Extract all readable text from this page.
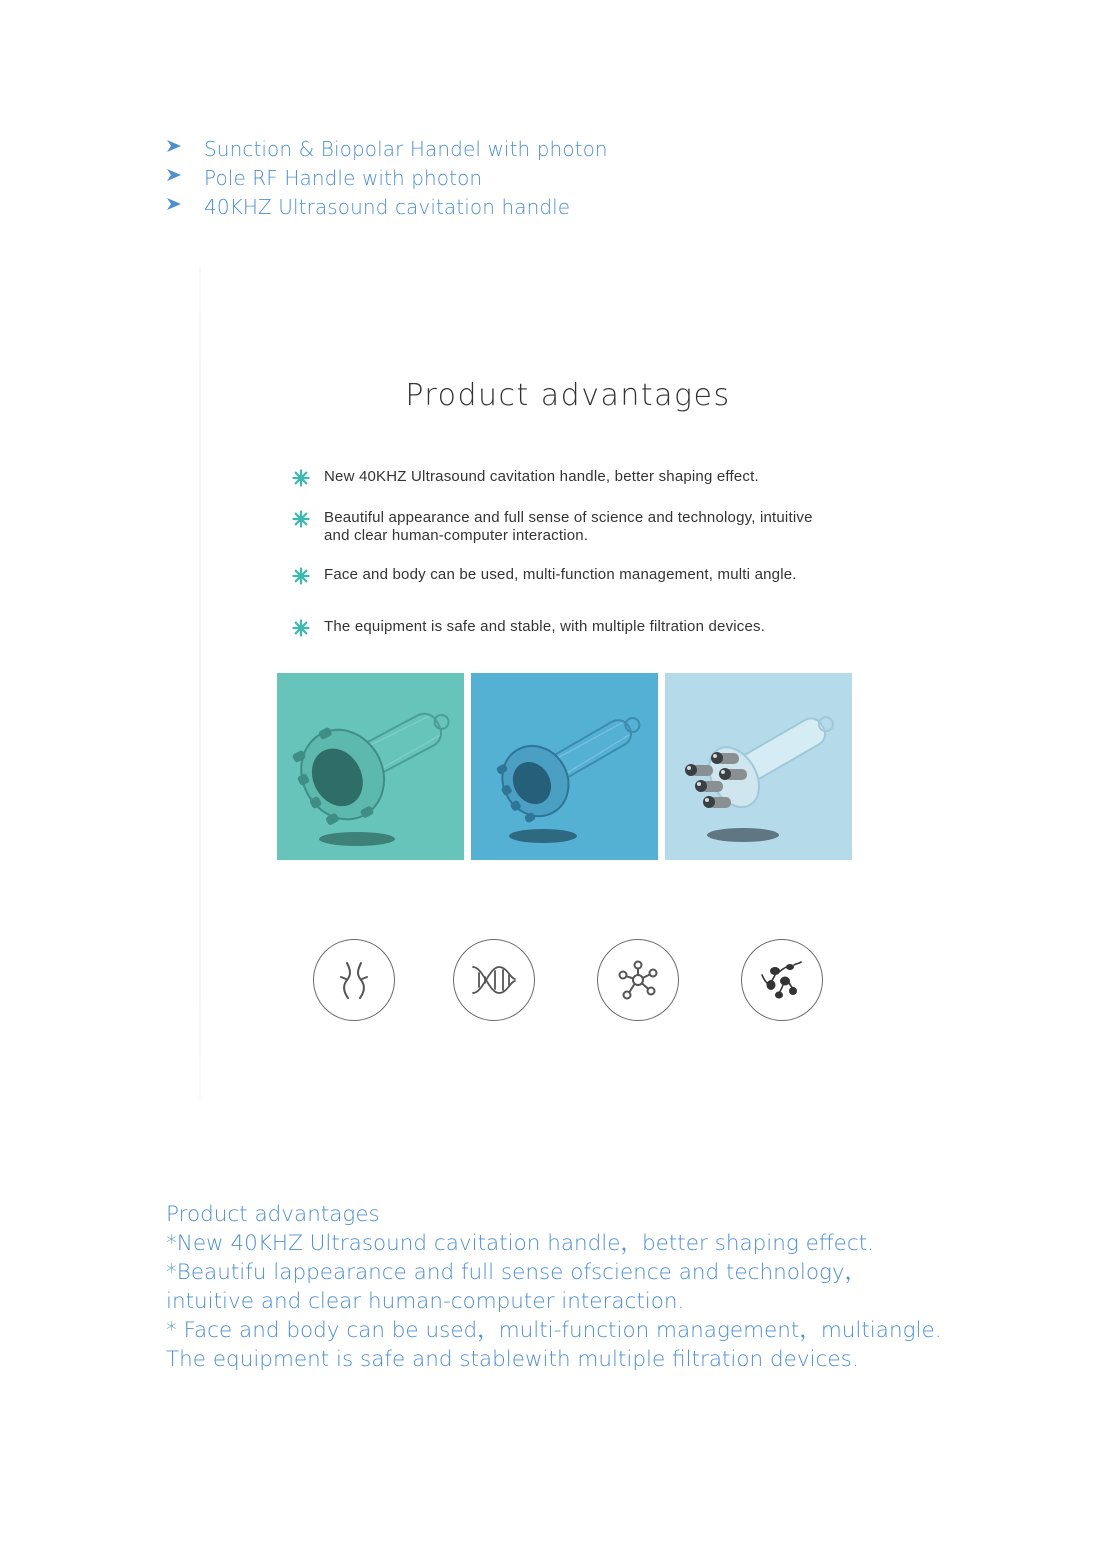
Sunction & Biopolar Handel with photon
Pole RF Handle with photon
40KHZ Ultrasound cavitation handle
Product advantages
New 40KHZ Ultrasound cavitation handle, better shaping effect.
Beautiful appearance and full sense of science and technology, intuitive
and clear human-computer interaction.
Face and body can be used, multi-function management, multi angle.
The equipment is safe and stable, with multiple filtration devices.
Product advantages
*New 40KHZ Ultrasound cavitation handle，better shaping effect.
*Beautifu lappearance and full sense ofscience and technology，
intuitive and clear human-computer interaction.
* Face and body can be used，multi-function management，multiangle.
The equipment is safe and stablewith multiple filtration devices.
